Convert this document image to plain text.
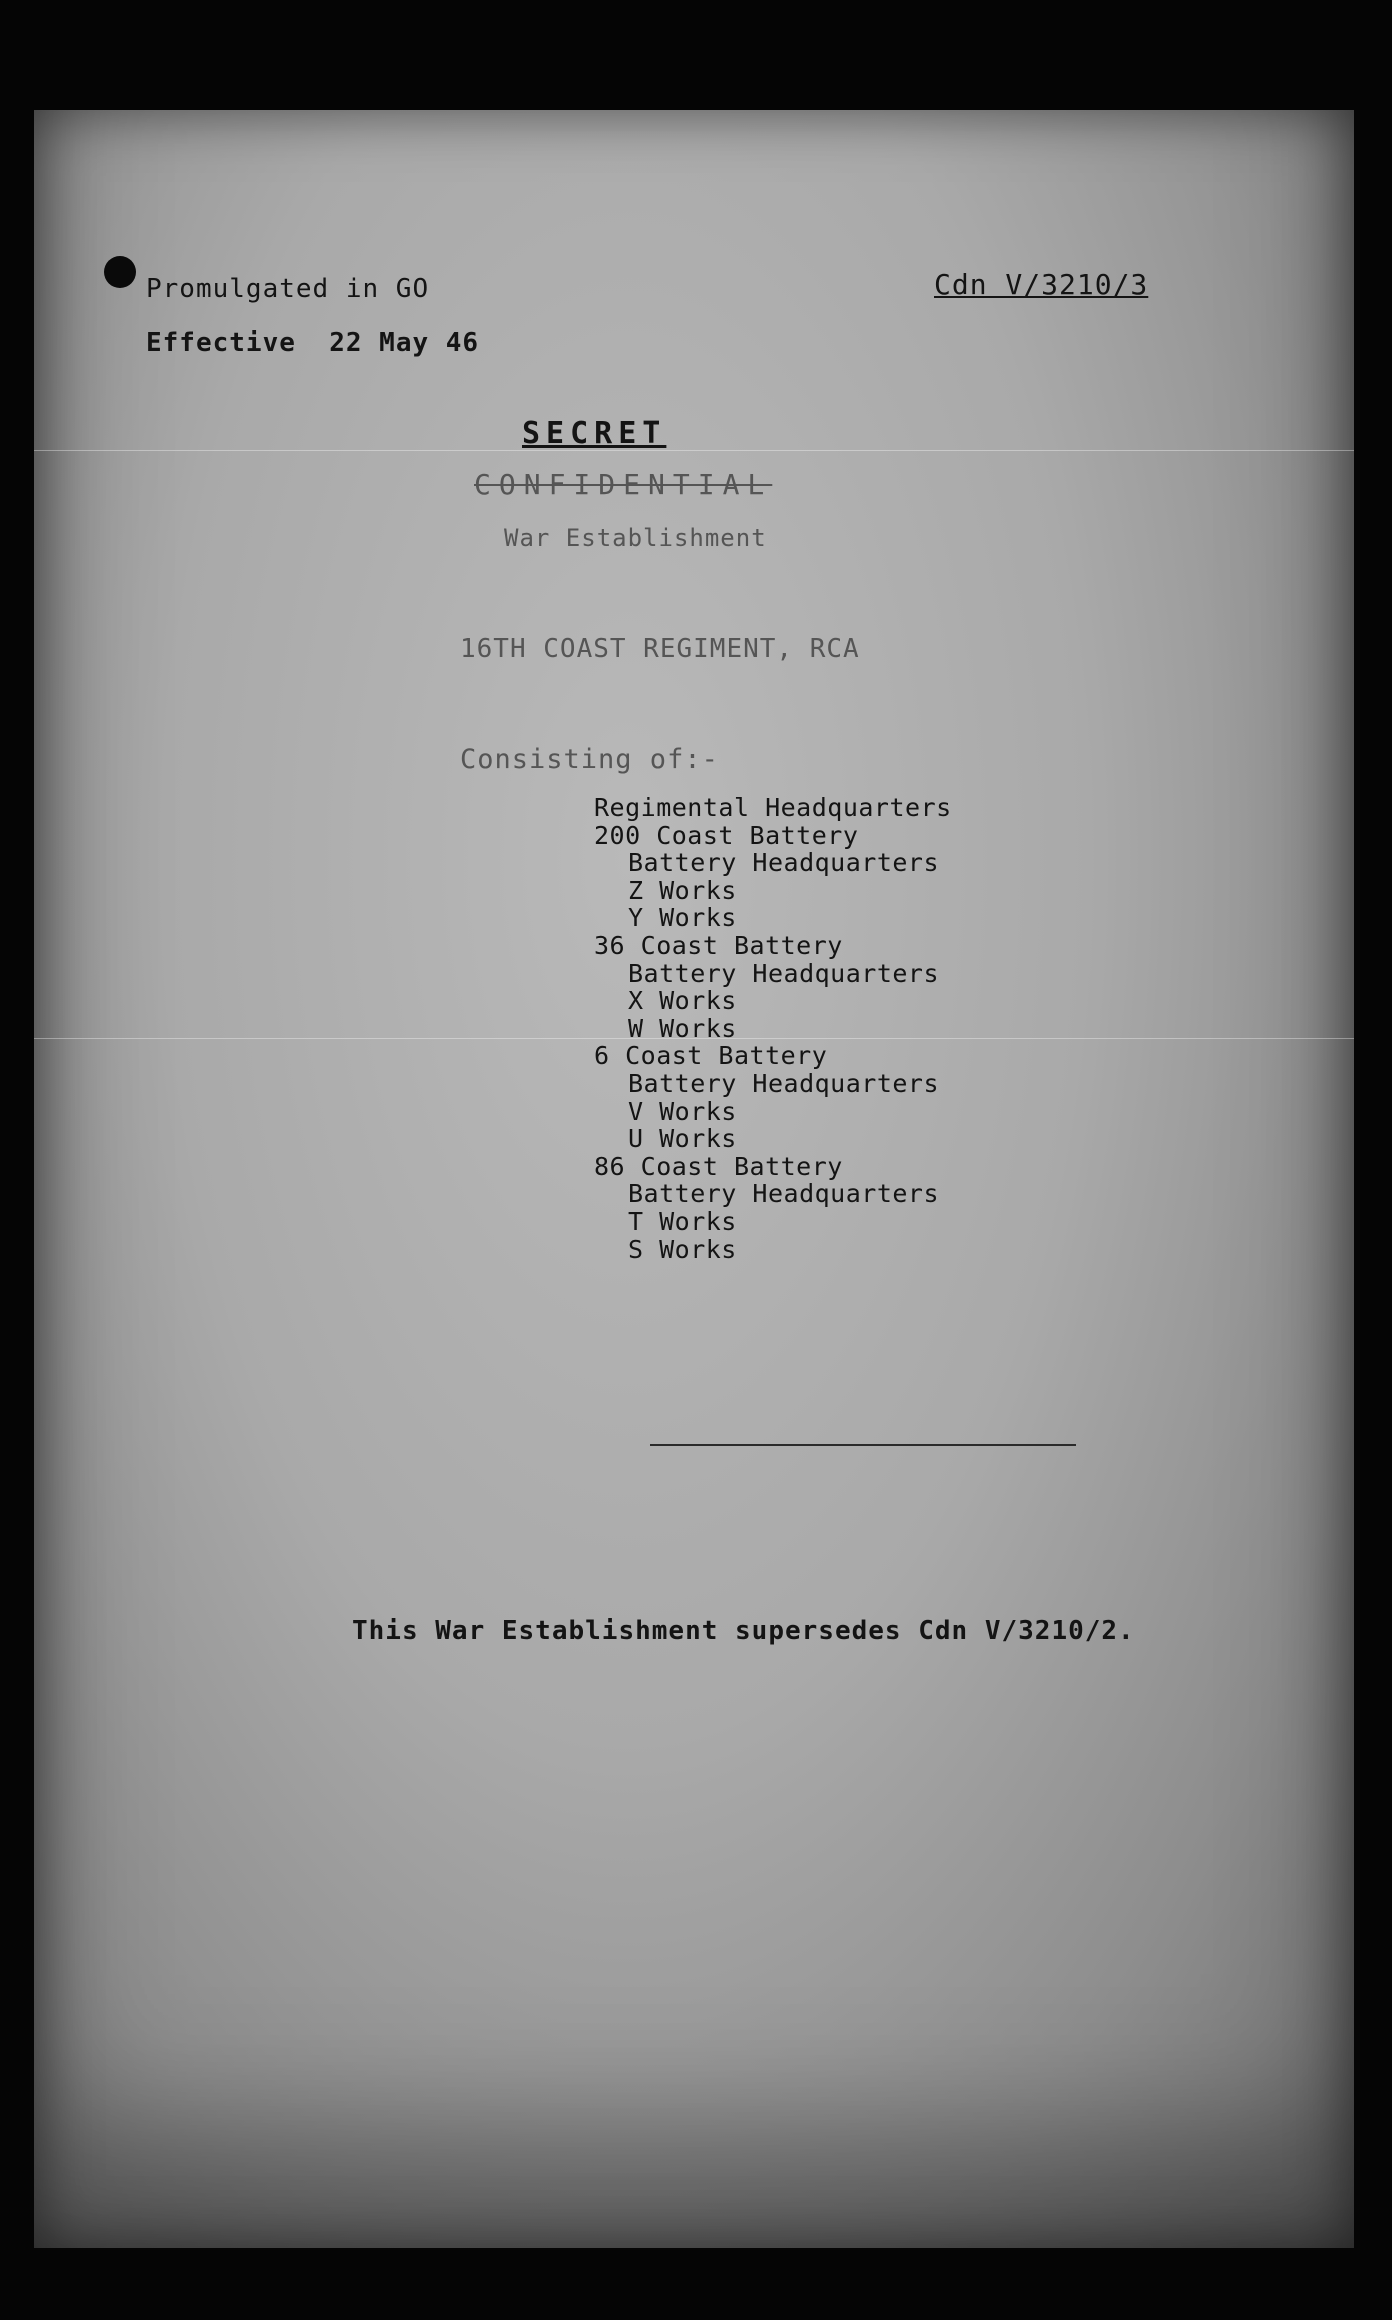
Promulgated in GO
Effective 22 May 46
Cdn V/3210/3
SECRET
CONFIDENTIAL
War Establishment
16TH COAST REGIMENT, RCA
Consisting of:-
Regimental Headquarters
200 Coast Battery
Battery Headquarters
Z Works
Y Works
36 Coast Battery
Battery Headquarters
X Works
W Works
6 Coast Battery
Battery Headquarters
V Works
U Works
86 Coast Battery
Battery Headquarters
T Works
S Works
This War Establishment supersedes Cdn V/3210/2.
